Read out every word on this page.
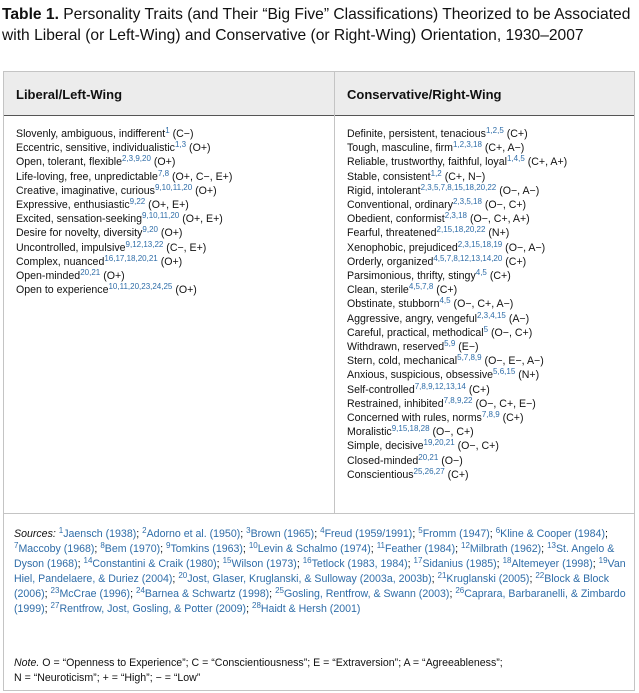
Table 1. Personality Traits (and Their “Big Five” Classifications) Theorized to be Associated with Liberal (or Left-Wing) and Conservative (or Right-Wing) Orientation, 1930–2007
Liberal/Left-Wing	Conservative/Right-Wing
Slovenly, ambiguous, indifferent$^1$ (C−)
Eccentric, sensitive, individualistic$^{1,3}$ (O+)
Open, tolerant, flexible$^{2,3,9,20}$ (O+)
Life-loving, free, unpredictable$^{7,8}$ (O+, C−, E+)
Creative, imaginative, curious$^{9,10,11,20}$ (O+)
Expressive, enthusiastic$^{9,22}$ (O+, E+)
Excited, sensation-seeking$^{9,10,11,20}$ (O+, E+)
Desire for novelty, diversity$^{9,20}$ (O+)
Uncontrolled, impulsive$^{9,12,13,22}$ (C−, E+)
Complex, nuanced$^{16,17,18,20,21}$ (O+)
Open-minded$^{20,21}$ (O+)
Open to experience$^{10,11,20,23,24,25}$ (O+)
Definite, persistent, tenacious$^{1,2,5}$ (C+)
Tough, masculine, firm$^{1,2,3,18}$ (C+, A−)
Reliable, trustworthy, faithful, loyal$^{1,4,5}$ (C+, A+)
Stable, consistent$^{1,2}$ (C+, N−)
Rigid, intolerant$^{2,3,5,7,8,15,18,20,22}$ (O−, A−)
Conventional, ordinary$^{2,3,5,18}$ (O−, C+)
Obedient, conformist$^{2,3,18}$ (O−, C+, A+)
Fearful, threatened$^{2,15,18,20,22}$ (N+)
Xenophobic, prejudiced$^{2,3,15,18,19}$ (O−, A−)
Orderly, organized$^{4,5,7,8,12,13,14,20}$ (C+)
Parsimonious, thrifty, stingy$^{4,5}$ (C+)
Clean, sterile$^{4,5,7,8}$ (C+)
Obstinate, stubborn$^{4,5}$ (O−, C+, A−)
Aggressive, angry, vengeful$^{2,3,4,15}$ (A−)
Careful, practical, methodical$^5$ (O−, C+)
Withdrawn, reserved$^{5,9}$ (E−)
Stern, cold, mechanical$^{5,7,8,9}$ (O−, E−, A−)
Anxious, suspicious, obsessive$^{5,6,15}$ (N+)
Self-controlled$^{7,8,9,12,13,14}$ (C+)
Restrained, inhibited$^{7,8,9,22}$ (O−, C+, E−)
Concerned with rules, norms$^{7,8,9}$ (C+)
Moralistic$^{9,15,18,28}$ (O−, C+)
Simple, decisive$^{19,20,21}$ (O−, C+)
Closed-minded$^{20,21}$ (O−)
Conscientious$^{25,26,27}$ (C+)
Sources: $^1$Jaensch (1938); $^2$Adorno et al. (1950); $^3$Brown (1965); $^4$Freud (1959/1991); $^5$Fromm (1947); $^6$Kline & Cooper (1984); $^7$Maccoby (1968); $^8$Bem (1970); $^9$Tomkins (1963); $^{10}$Levin & Schalmo (1974); $^{11}$Feather (1984); $^{12}$Milbrath (1962); $^{13}$St. Angelo & Dyson (1968); $^{14}$Constantini & Craik (1980); $^{15}$Wilson (1973); $^{16}$Tetlock (1983, 1984); $^{17}$Sidanius (1985); $^{18}$Altemeyer (1998); $^{19}$Van Hiel, Pandelaere, & Duriez (2004); $^{20}$Jost, Glaser, Kruglanski, & Sulloway (2003a, 2003b); $^{21}$Kruglanski (2005); $^{22}$Block & Block (2006); $^{23}$McCrae (1996); $^{24}$Barnea & Schwartz (1998); $^{25}$Gosling, Rentfrow, & Swann (2003); $^{26}$Caprara, Barbaranelli, & Zimbardo (1999); $^{27}$Rentfrow, Jost, Gosling, & Potter (2009); $^{28}$Haidt & Hersh (2001)
Note. O = “Openness to Experience”; C = “Conscientiousness”; E = “Extraversion”; A = “Agreeableness”;
N = “Neuroticism”; + = “High”; − = “Low”
